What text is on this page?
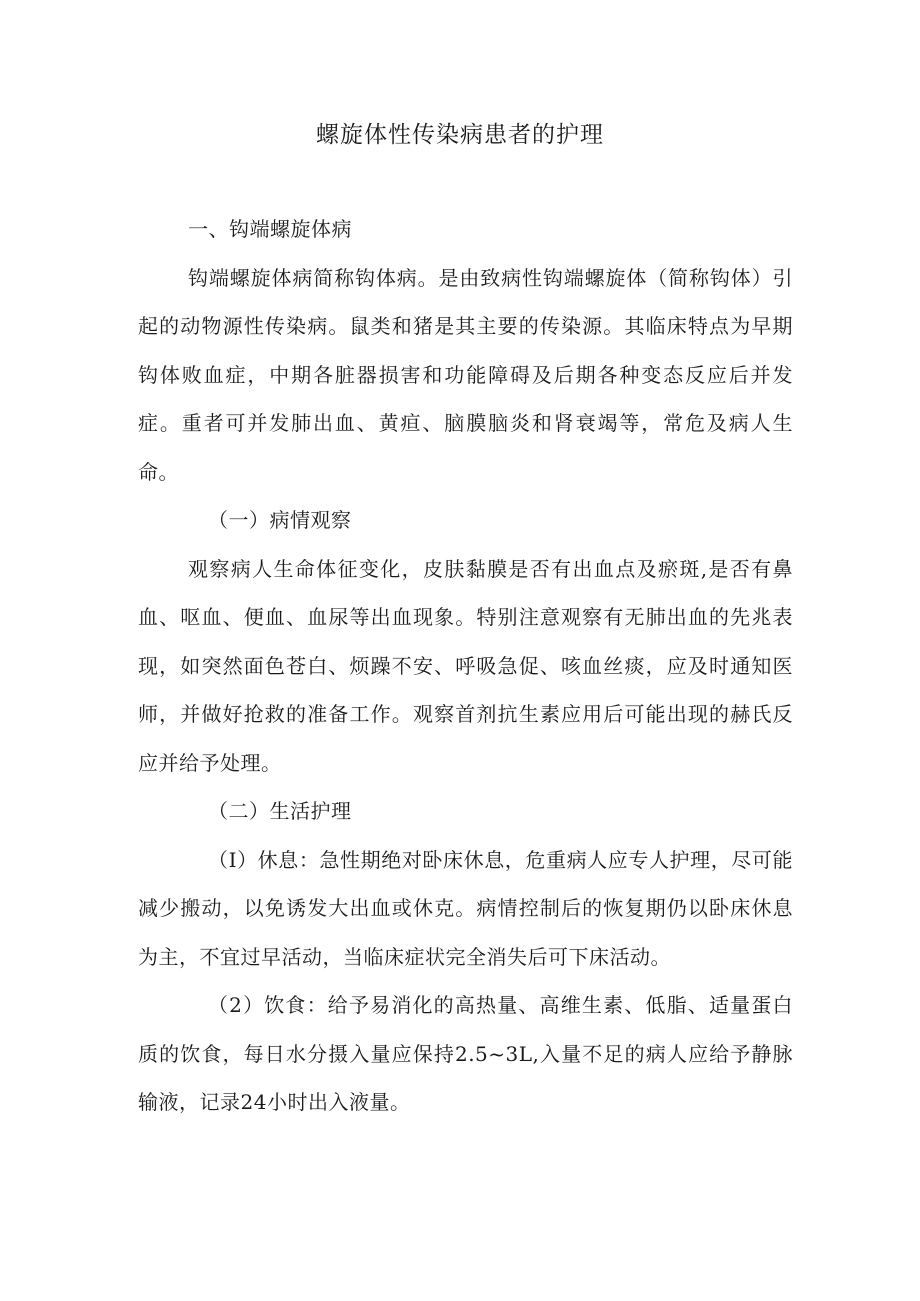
螺旋体性传染病患者的护理

一、钩端螺旋体病

钩端螺旋体病简称钩体病。是由致病性钩端螺旋体（简称钩体）引起的动物源性传染病。鼠类和猪是其主要的传染源。其临床特点为早期钩体败血症，中期各脏器损害和功能障碍及后期各种变态反应后并发症。重者可并发肺出血、黄疸、脑膜脑炎和肾衰竭等，常危及病人生命。

（一）病情观察

观察病人生命体征变化，皮肤黏膜是否有出血点及瘀斑,是否有鼻血、呕血、便血、血尿等出血现象。特别注意观察有无肺出血的先兆表现，如突然面色苍白、烦躁不安、呼吸急促、咳血丝痰，应及时通知医师，并做好抢救的准备工作。观察首剂抗生素应用后可能出现的赫氏反应并给予处理。

（二）生活护理

（I）休息：急性期绝对卧床休息，危重病人应专人护理，尽可能减少搬动，以免诱发大出血或休克。病情控制后的恢复期仍以卧床休息为主，不宜过早活动，当临床症状完全消失后可下床活动。

（2）饮食：给予易消化的高热量、高维生素、低脂、适量蛋白质的饮食，每日水分摄入量应保持2.5~3L,入量不足的病人应给予静脉输液，记录24小时出入液量。
